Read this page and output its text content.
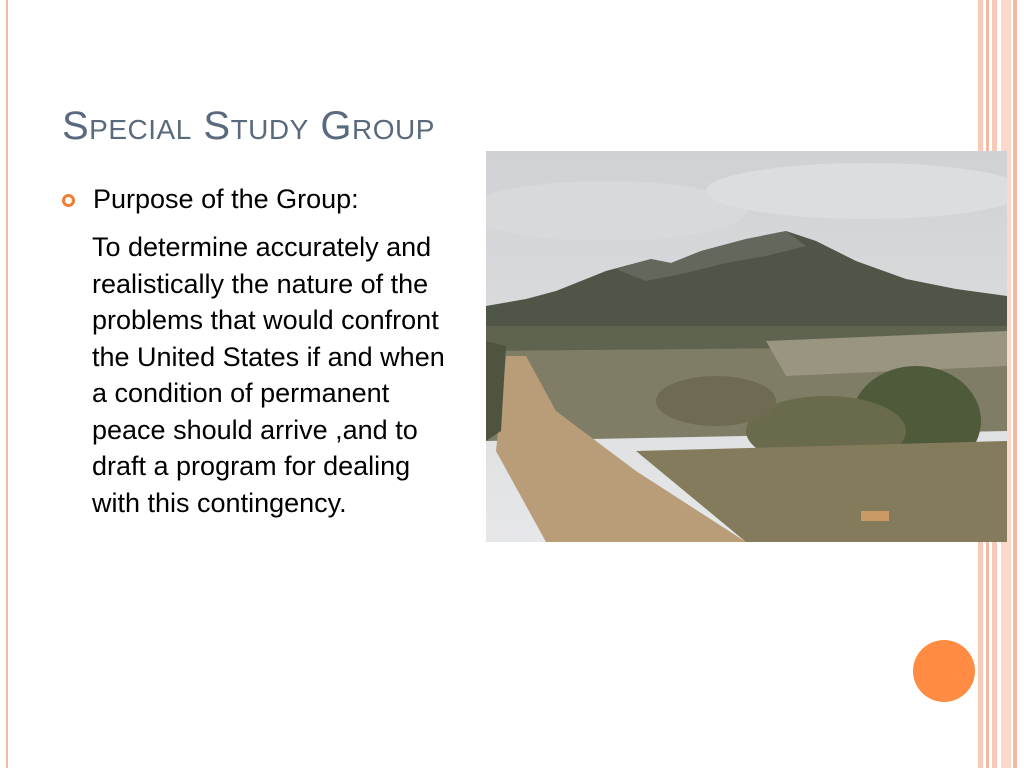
Special Study Group
Purpose of the Group:
To determine accurately and realistically the nature of the problems that would confront the United States if and when a condition of permanent peace should arrive ,and to draft a program for dealing with this contingency.
